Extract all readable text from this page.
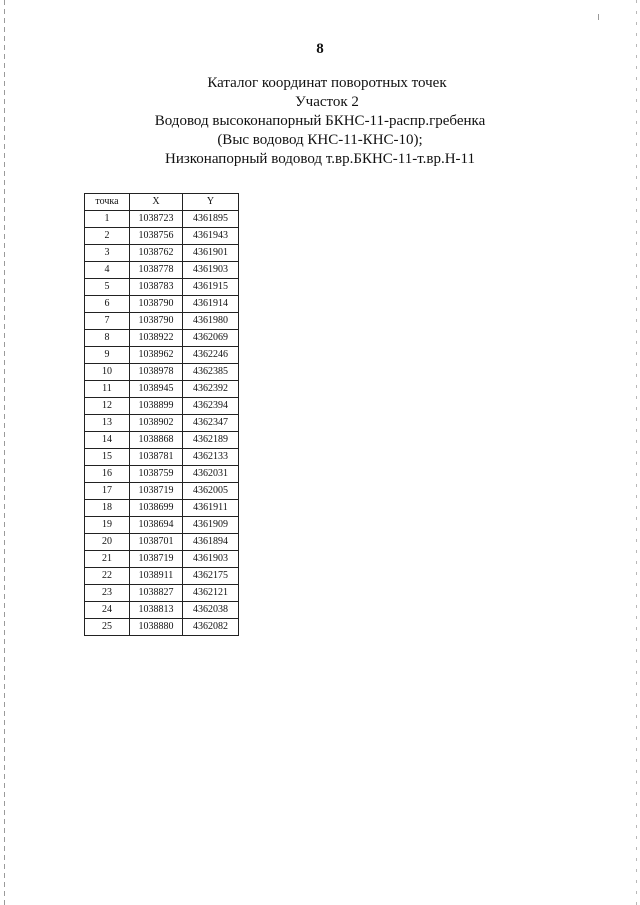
8
Каталог координат поворотных точек
Участок 2
Водовод высоконапорный БКНС-11-распр.гребенка
(Выс водовод КНС-11-КНС-10);
Низконапорный водовод т.вр.БКНС-11-т.вр.Н-11
точка	X	Y
1	1038723	4361895
2	1038756	4361943
3	1038762	4361901
4	1038778	4361903
5	1038783	4361915
6	1038790	4361914
7	1038790	4361980
8	1038922	4362069
9	1038962	4362246
10	1038978	4362385
11	1038945	4362392
12	1038899	4362394
13	1038902	4362347
14	1038868	4362189
15	1038781	4362133
16	1038759	4362031
17	1038719	4362005
18	1038699	4361911
19	1038694	4361909
20	1038701	4361894
21	1038719	4361903
22	1038911	4362175
23	1038827	4362121
24	1038813	4362038
25	1038880	4362082
